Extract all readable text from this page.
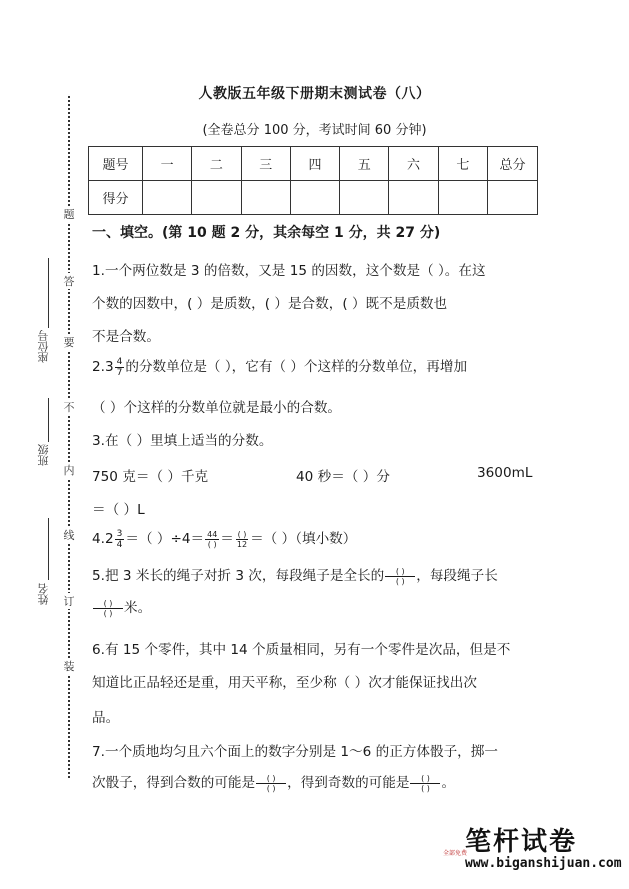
题
答
要
不
内
线
订
装
座位号
班级
姓名
人教版五年级下册期末测试卷（八）
(全卷总分 100 分，考试时间 60 分钟)
题号	一	二	三	四	五	六	七	总分
得分								
一、填空。(第 10 题 2 分，其余每空 1 分，共 27 分)
1.一个两位数是 3 的倍数，又是 15 的因数，这个数是（ ）。在这
个数的因数中，( ）是质数，( ）是合数，( ）既不是质数也
不是合数。
$2.3 \frac{4}{7}$ 的分数单位是（ ），它有（ ）个这样的分数单位，再增加
（ ）个这样的分数单位就是最小的合数。
3.在（ ）里填上适当的分数。
750 克＝（ ）千克	40 秒＝（ ）分	3600mL
＝（ ）L
$4.2 \frac{3}{4}$ ＝（ ）$\div 4= \frac{44}{( )} = \frac{( )}{12}$ ＝（ ）（填小数）
5.把 3 米长的绳子对折 3 次，每段绳子是全长的 $\frac{( )}{( )}$ ，每段绳子长
$\frac{( )}{( )}$ 米。
6.有 15 个零件，其中 14 个质量相同，另有一个零件是次品，但是不
知道比正品轻还是重，用天平称，至少称（ ）次才能保证找出次
品。
7.一个质地均匀且六个面上的数字分别是 1～6 的正方体骰子，掷一
次骰子，得到合数的可能是 $\frac{( )}{( )}$ ，得到奇数的可能是 $\frac{( )}{( )}$ 。
笔杆试卷
全部免费
www.biganshijuan.com
